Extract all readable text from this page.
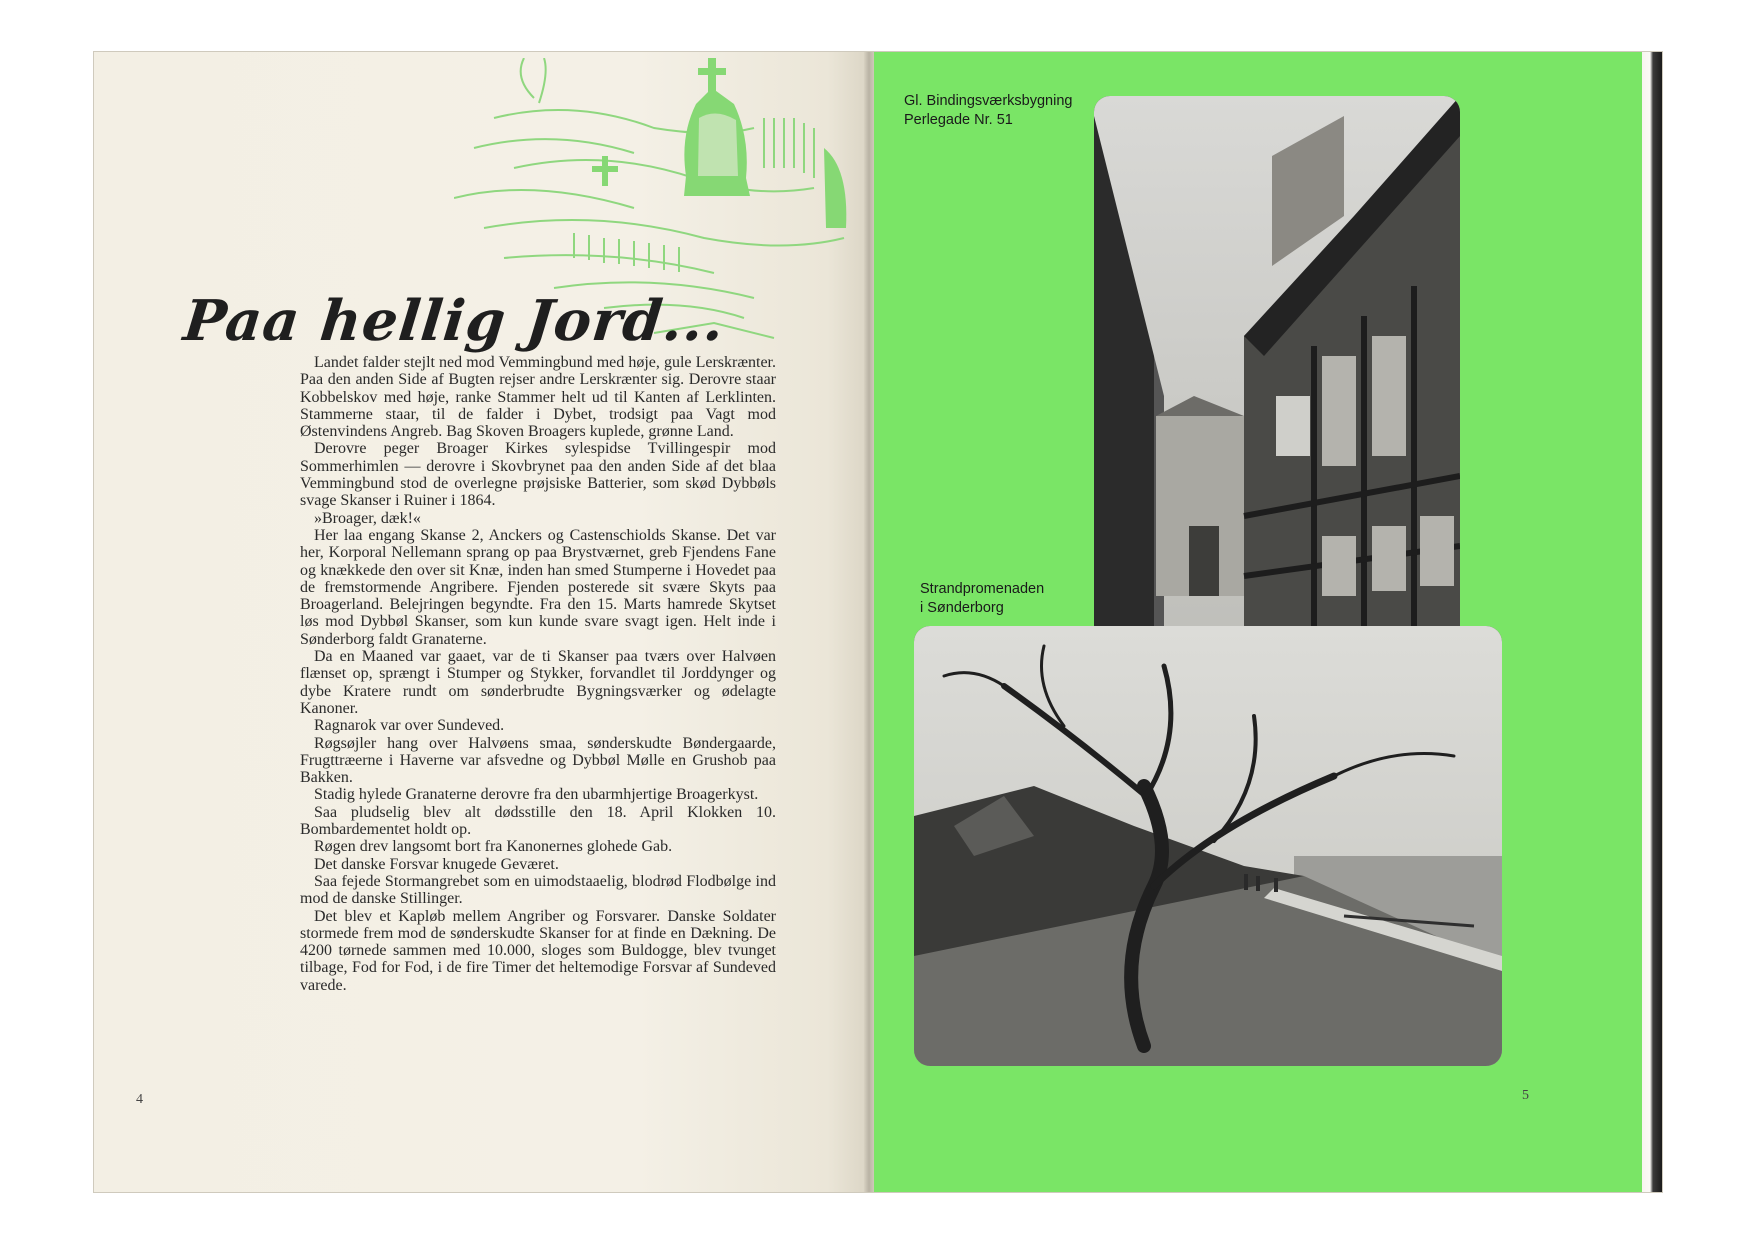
Paa hellig Jord...

Landet falder stejlt ned mod Vemmingbund med høje, gule Lerskrænter. Paa den anden Side af Bugten rejser andre Lerskrænter sig. Derovre staar Kobbelskov med høje, ranke Stammer helt ud til Kanten af Lerklinten. Stammerne staar, til de falder i Dybet, trodsigt paa Vagt mod Østenvindens Angreb. Bag Skoven Broagers kuplede, grønne Land.

Derovre peger Broager Kirkes sylespidse Tvillingespir mod Sommerhimlen — derovre i Skovbrynet paa den anden Side af det blaa Vemmingbund stod de overlegne prøjsiske Batterier, som skød Dybbøls svage Skanser i Ruiner i 1864.

»Broager, dæk!«

Her laa engang Skanse 2, Anckers og Castenschiolds Skanse. Det var her, Korporal Nellemann sprang op paa Brystværnet, greb Fjendens Fane og knækkede den over sit Knæ, inden han smed Stumperne i Hovedet paa de fremstormende Angribere. Fjenden posterede sit svære Skyts paa Broagerland. Belejringen begyndte. Fra den 15. Marts hamrede Skytset løs mod Dybbøl Skanser, som kun kunde svare svagt igen. Helt inde i Sønderborg faldt Granaterne.

Da en Maaned var gaaet, var de ti Skanser paa tværs over Halvøen flænset op, sprængt i Stumper og Stykker, forvandlet til Jorddynger og dybe Kratere rundt om sønderbrudte Bygningsværker og ødelagte Kanoner.

Ragnarok var over Sundeved.

Røgsøjler hang over Halvøens smaa, sønderskudte Bøndergaarde, Frugttræerne i Haverne var afsvedne og Dybbøl Mølle en Grushob paa Bakken.

Stadig hylede Granaterne derovre fra den ubarmhjertige Broagerkyst.

Saa pludselig blev alt dødsstille den 18. April Klokken 10. Bombardementet holdt op.

Røgen drev langsomt bort fra Kanonernes glohede Gab.

Det danske Forsvar knugede Geværet.

Saa fejede Stormangrebet som en uimodstaaelig, blodrød Flodbølge ind mod de danske Stillinger.

Det blev et Kapløb mellem Angriber og Forsvarer. Danske Soldater stormede frem mod de sønderskudte Skanser for at finde en Dækning. De 4200 tørnede sammen med 10.000, sloges som Buldogge, blev tvunget tilbage, Fod for Fod, i de fire Timer det heltemodige Forsvar af Sundeved varede.

4
Gl. Bindingsværksbygning
Perlegade Nr. 51
Strandpromenaden
i Sønderborg
5
